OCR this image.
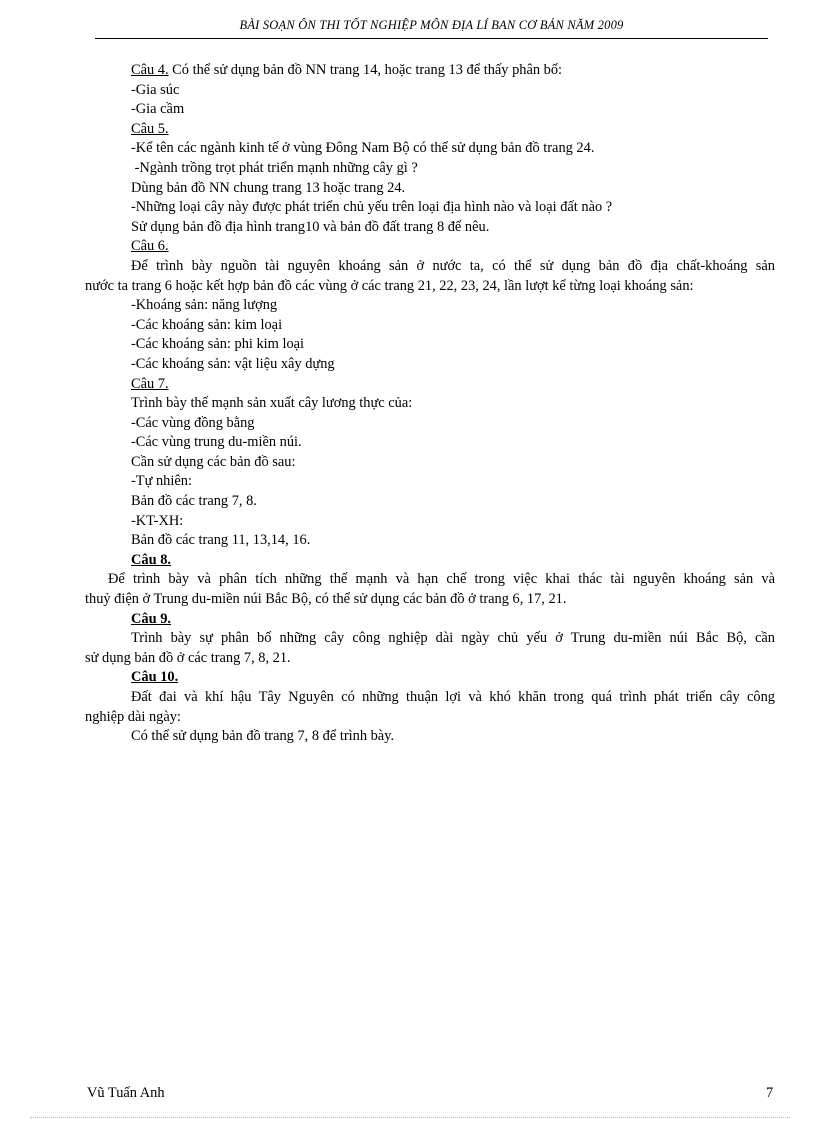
BÀI SOẠN ÔN THI TỐT NGHIỆP MÔN ĐỊA LÍ BAN CƠ BẢN NĂM 2009
Câu 4. Có thể sử dụng bản đồ NN trang 14, hoặc trang 13 để thấy phân bố:
-Gia súc
-Gia cầm
Câu 5.
-Kể tên các ngành kinh tế ở vùng Đông Nam Bộ có thể sử dụng bản đồ trang 24.
-Ngành trồng trọt phát triển mạnh những cây gì ?
Dùng bản đồ NN chung trang 13 hoặc trang 24.
-Những loại cây này được phát triển chủ yếu trên loại địa hình nào và loại đất nào ?
Sử dụng bản đồ địa hình trang10 và bản đồ đất trang 8 để nêu.
Câu 6.
Để trình bày nguồn tài nguyên khoáng sản ở nước ta, có thể sử dụng bản đồ địa chất-khoáng sản
nước ta trang 6 hoặc kết hợp bản đồ các vùng ở các trang 21, 22, 23, 24, lần lượt kể từng loại khoáng sản:
-Khoáng sản: năng lượng
-Các khoáng sản: kim loại
-Các khoáng sản: phi kim loại
-Các khoáng sản: vật liệu xây dựng
Câu 7.
Trình bày thế mạnh sản xuất cây lương thực của:
-Các vùng đồng bằng
-Các vùng trung du-miền núi.
Cần sử dụng các bản đồ sau:
-Tự nhiên:
Bản đồ các trang 7, 8.
-KT-XH:
Bản đồ các trang 11, 13,14, 16.
Câu 8.
Để trình bày và phân tích những thế mạnh và hạn chế trong việc khai thác tài nguyên khoáng sản và
thuỷ điện ở Trung du-miền núi Bắc Bộ, có thể sử dụng các bản đồ ở trang 6, 17, 21.
Câu 9.
Trình bày sự phân bố những cây công nghiệp dài ngày chủ yếu ở Trung du-miền núi Bắc Bộ, cần
sử dụng bản đồ ở các trang 7, 8, 21.
Câu 10.
Đất đai và khí hậu Tây Nguyên có những thuận lợi và khó khăn trong quá trình phát triển cây công
nghiệp dài ngày:
Có thể sử dụng bản đồ trang 7, 8 để trình bày.
Vũ Tuấn Anh	7
